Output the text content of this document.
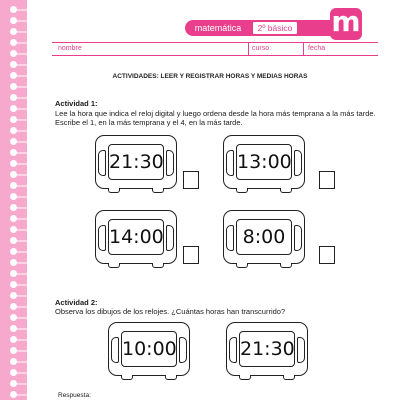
matemática	2º básico m
nombre	curso	fecha
ACTIVIDADES: LEER Y REGISTRAR HORAS Y MEDIAS HORAS
Actividad 1:
Lee la hora que indica el reloj digital y luego ordena desde la hora más temprana a la más tarde. Escribe el 1, en la más temprana y el 4, en la más tarde.
21:30	13:00
14:00	8:00
Actividad 2:
Observa los dibujos de los relojes. ¿Cuántas horas han transcurrido?
10:00	21:30
Respuesta:
